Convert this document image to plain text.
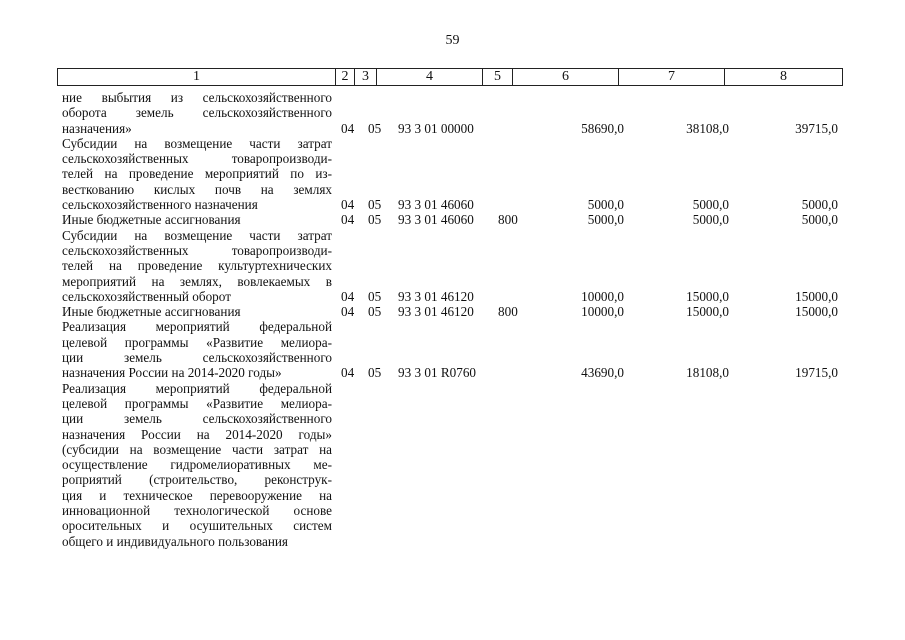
59
1	2 3	4	5	6	7	8
ние выбытия из сельскохозяйственного
оборота земель сельскохозяйственного
назначения»	04 05 93 3 01 00000	58690,0	38108,0	39715,0
Субсидии на возмещение части затрат
сельскохозяйственных товаропроизводи-
телей на проведение мероприятий по из-
весткованию кислых почв на землях
сельскохозяйственного назначения	04 05 93 3 01 46060	5000,0	5000,0	5000,0
Иные бюджетные ассигнования	04 05 93 3 01 46060 800	5000,0	5000,0	5000,0
Субсидии на возмещение части затрат
сельскохозяйственных товаропроизводи-
телей на проведение культуртехнических
мероприятий на землях, вовлекаемых в
сельскохозяйственный оборот	04 05 93 3 01 46120	10000,0	15000,0	15000,0
Иные бюджетные ассигнования	04 05 93 3 01 46120 800	10000,0	15000,0	15000,0
Реализация мероприятий федеральной
целевой программы «Развитие мелиора-
ции земель сельскохозяйственного
назначения России на 2014-2020 годы»	04 05 93 3 01 R0760	43690,0	18108,0	19715,0
Реализация мероприятий федеральной
целевой программы «Развитие мелиора-
ции земель сельскохозяйственного
назначения России на 2014-2020 годы»
(субсидии на возмещение части затрат на
осуществление гидромелиоративных ме-
роприятий (строительство, реконструк-
ция и техническое перевооружение на
инновационной технологической основе
оросительных и осушительных систем
общего и индивидуального пользования
